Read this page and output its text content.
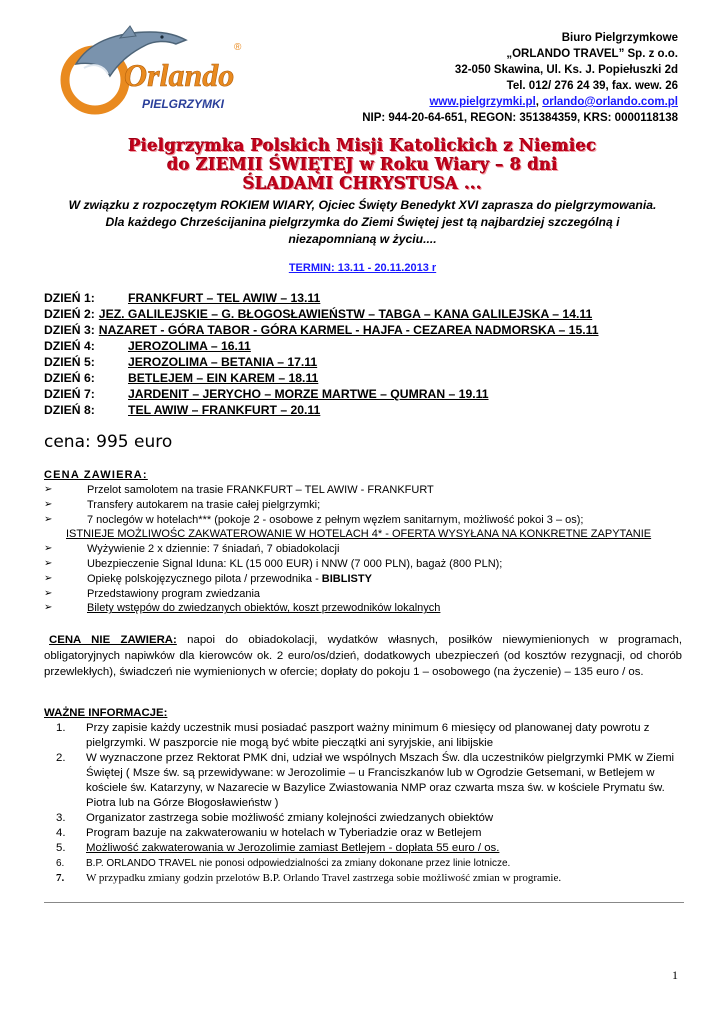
Orlando
PIELGRZYMKI
®
Biuro Pielgrzymkowe
„ORLANDO TRAVEL” Sp. z o.o.
32-050 Skawina, Ul. Ks. J. Popiełuszki 2d
Tel. 012/ 276 24 39, fax. wew. 26
www.pielgrzymki.pl, orlando@orlando.com.pl
NIP: 944-20-64-651, REGON: 351384359, KRS: 0000118138
Pielgrzymka Polskich Misji Katolickich z Niemiec
do ZIEMII ŚWIĘTEJ w Roku Wiary – 8 dni
ŚLADAMI CHRYSTUSA ...
W związku z rozpoczętym ROKIEM WIARY, Ojciec Święty Benedykt XVI zaprasza do pielgrzymowania. Dla każdego Chrześcijanina pielgrzymka do Ziemi Świętej jest tą najbardziej szczególną i niezapomnianą w życiu....
TERMIN: 13.11 - 20.11.2013 r
DZIEŃ 1:	FRANKFURT – TEL AWIW – 13.11
DZIEŃ 2: JEZ. GALILEJSKIE – G. BŁOGOSŁAWIEŃSTW – TABGA – KANA GALILEJSKA – 14.11
DZIEŃ 3: NAZARET - GÓRA TABOR - GÓRA KARMEL - HAJFA - CEZAREA NADMORSKA – 15.11
DZIEŃ 4:	JEROZOLIMA – 16.11
DZIEŃ 5:	JEROZOLIMA – BETANIA – 17.11
DZIEŃ 6:	BETLEJEM – EIN KAREM – 18.11
DZIEŃ 7:	JARDENIT – JERYCHO – MORZE MARTWE – QUMRAN – 19.11
DZIEŃ 8:	TEL AWIW – FRANKFURT – 20.11
cena: 995 euro
CENA ZAWIERA:
➢	Przelot samolotem na trasie FRANKFURT – TEL AWIW - FRANKFURT
➢	Transfery autokarem na trasie całej pielgrzymki;
➢	7 noclegów w hotelach*** (pokoje 2 - osobowe z pełnym węzłem sanitarnym, możliwość pokoi 3 – os);
ISTNIEJE MOŻLIWOŚC ZAKWATEROWANIE W HOTELACH 4* - OFERTA WYSYŁANA NA KONKRETNE ZAPYTANIE
➢	Wyżywienie 2 x dziennie: 7 śniadań, 7 obiadokolacji
➢	Ubezpieczenie Signal Iduna: KL (15 000 EUR) i NNW (7 000 PLN), bagaż (800 PLN);
➢	Opiekę polskojęzycznego pilota / przewodnika - BIBLISTY
➢	Przedstawiony program zwiedzania
➢	Bilety wstępów do zwiedzanych obiektów, koszt przewodników lokalnych
CENA NIE ZAWIERA: napoi do obiadokolacji, wydatków własnych, posiłków niewymienionych w programach, obligatoryjnych napiwków dla kierowców ok. 2 euro/os/dzień, dodatkowych ubezpieczeń (od kosztów rezygnacji, od chorób przewlekłych), świadczeń nie wymienionych w ofercie; dopłaty do pokoju 1 – osobowego (na życzenie) – 135 euro / os.
WAŻNE INFORMACJE:
1. Przy zapisie każdy uczestnik musi posiadać paszport ważny minimum 6 miesięcy od planowanej daty powrotu z pielgrzymki. W paszporcie nie mogą być wbite pieczątki ani syryjskie, ani libijskie
2. W wyznaczone przez Rektorat PMK dni, udział we wspólnych Mszach Św. dla uczestników pielgrzymki PMK w Ziemi Świętej ( Msze św. są przewidywane: w Jerozolimie – u Franciszkanów lub w Ogrodzie Getsemani, w Betlejem w kościele św. Katarzyny, w Nazarecie w Bazylice Zwiastowania NMP oraz czwarta msza św. w kościele Prymatu św. Piotra lub na Górze Błogosławieństw )
3. Organizator zastrzega sobie możliwość zmiany kolejności zwiedzanych obiektów
4. Program bazuje na zakwaterowaniu w hotelach w Tyberiadzie oraz w Betlejem
5. Możliwość zakwaterowania w Jerozolimie zamiast Betlejem - dopłata 55 euro / os.
6. B.P. ORLANDO TRAVEL nie ponosi odpowiedzialności za zmiany dokonane przez linie lotnicze.
7. W przypadku zmiany godzin przelotów B.P. Orlando Travel zastrzega sobie możliwość zmian w programie.
1
